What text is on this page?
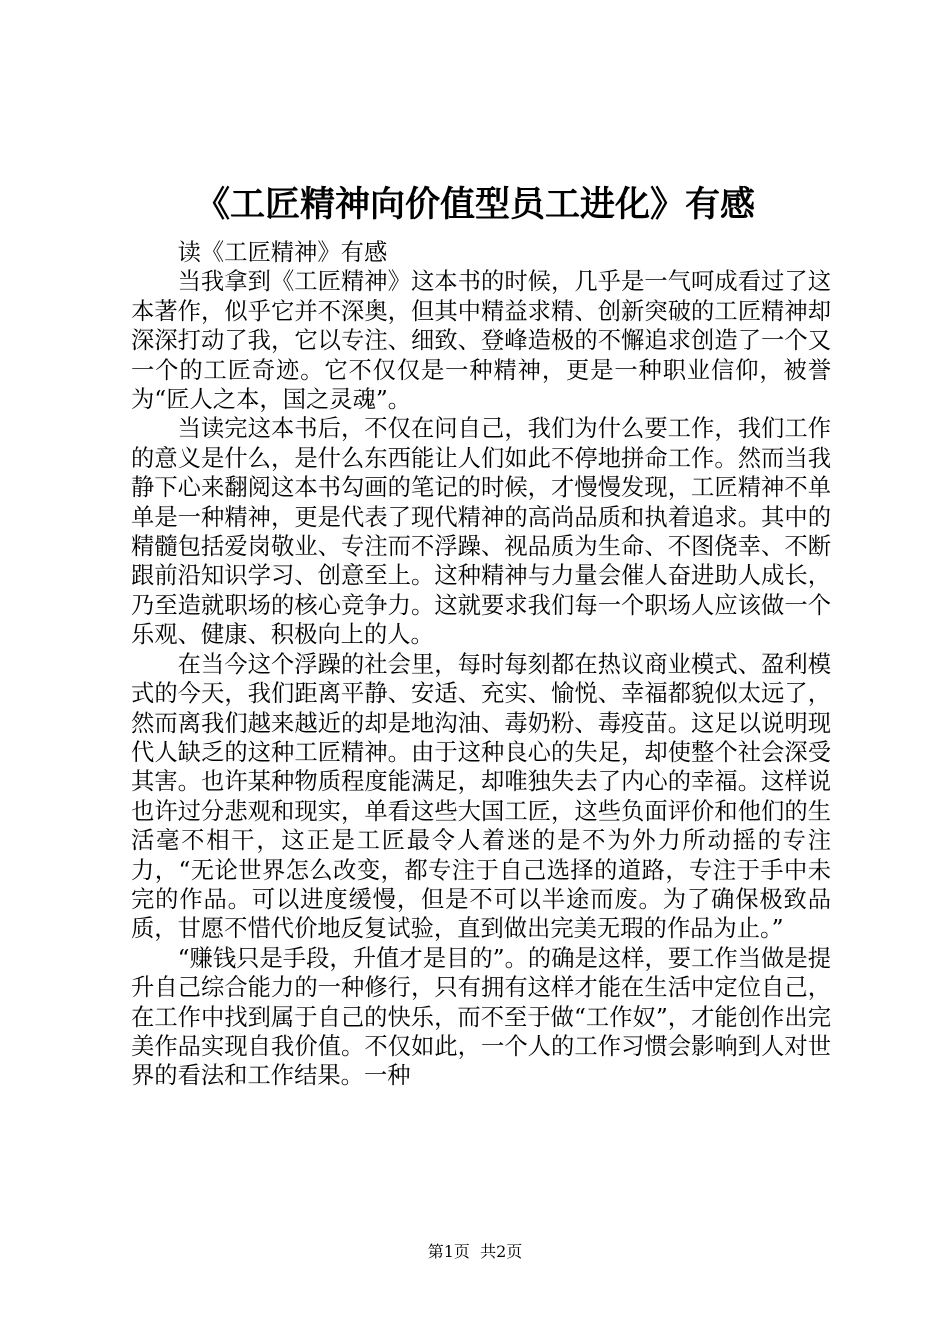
《工匠精神向价值型员工进化》有感

读《工匠精神》有感

当我拿到《工匠精神》这本书的时候，几乎是一气呵成看过了这本著作，似乎它并不深奥，但其中精益求精、创新突破的工匠精神却深深打动了我，它以专注、细致、登峰造极的不懈追求创造了一个又一个的工匠奇迹。它不仅仅是一种精神，更是一种职业信仰，被誉为“匠人之本，国之灵魂”。

当读完这本书后，不仅在问自己，我们为什么要工作，我们工作的意义是什么，是什么东西能让人们如此不停地拼命工作。然而当我静下心来翻阅这本书勾画的笔记的时候，才慢慢发现，工匠精神不单单是一种精神，更是代表了现代精神的高尚品质和执着追求。其中的精髓包括爱岗敬业、专注而不浮躁、视品质为生命、不图侥幸、不断跟前沿知识学习、创意至上。这种精神与力量会催人奋进助人成长，乃至造就职场的核心竞争力。这就要求我们每一个职场人应该做一个乐观、健康、积极向上的人。

在当今这个浮躁的社会里，每时每刻都在热议商业模式、盈利模式的今天，我们距离平静、安适、充实、愉悦、幸福都貌似太远了，然而离我们越来越近的却是地沟油、毒奶粉、毒疫苗。这足以说明现代人缺乏的这种工匠精神。由于这种良心的失足，却使整个社会深受其害。也许某种物质程度能满足，却唯独失去了内心的幸福。这样说也许过分悲观和现实，单看这些大国工匠，这些负面评价和他们的生活毫不相干，这正是工匠最令人着迷的是不为外力所动摇的专注力，“无论世界怎么改变，都专注于自己选择的道路，专注于手中未完的作品。可以进度缓慢，但是不可以半途而废。为了确保极致品质，甘愿不惜代价地反复试验，直到做出完美无瑕的作品为止。”

“赚钱只是手段，升值才是目的”。的确是这样，要工作当做是提升自己综合能力的一种修行，只有拥有这样才能在生活中定位自己，在工作中找到属于自己的快乐，而不至于做“工作奴”，才能创作出完美作品实现自我价值。不仅如此，一个人的工作习惯会影响到人对世界的看法和工作结果。一种

第1页 共2页
